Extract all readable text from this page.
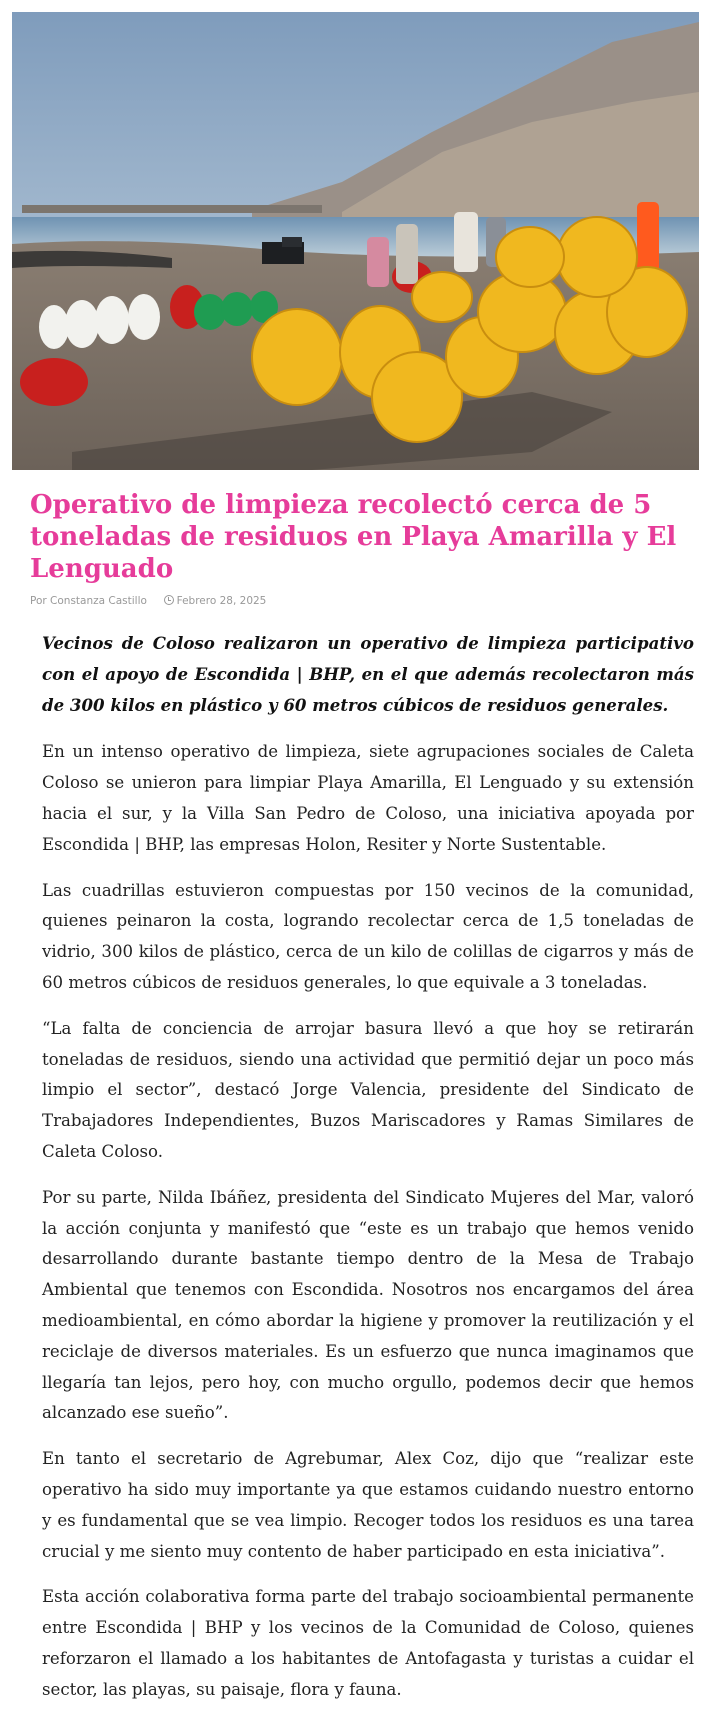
Operativo de limpieza recolectó cerca de 5 toneladas de residuos en Playa Amarilla y El Lenguado
Por Constanza Castillo	Febrero 28, 2025

Vecinos de Coloso realizaron un operativo de limpieza participativo con el apoyo de Escondida | BHP, en el que además recolectaron más de 300 kilos en plástico y 60 metros cúbicos de residuos generales.

En un intenso operativo de limpieza, siete agrupaciones sociales de Caleta Coloso se unieron para limpiar Playa Amarilla, El Lenguado y su extensión hacia el sur, y la Villa San Pedro de Coloso, una iniciativa apoyada por Escondida | BHP, las empresas Holon, Resiter y Norte Sustentable.

Las cuadrillas estuvieron compuestas por 150 vecinos de la comunidad, quienes peinaron la costa, logrando recolectar cerca de 1,5 toneladas de vidrio, 300 kilos de plástico, cerca de un kilo de colillas de cigarros y más de 60 metros cúbicos de residuos generales, lo que equivale a 3 toneladas.

“La falta de conciencia de arrojar basura llevó a que hoy se retirarán toneladas de residuos, siendo una actividad que permitió dejar un poco más limpio el sector”, destacó Jorge Valencia, presidente del Sindicato de Trabajadores Independientes, Buzos Mariscadores y Ramas Similares de Caleta Coloso.

Por su parte, Nilda Ibáñez, presidenta del Sindicato Mujeres del Mar, valoró la acción conjunta y manifestó que “este es un trabajo que hemos venido desarrollando durante bastante tiempo dentro de la Mesa de Trabajo Ambiental que tenemos con Escondida. Nosotros nos encargamos del área medioambiental, en cómo abordar la higiene y promover la reutilización y el reciclaje de diversos materiales. Es un esfuerzo que nunca imaginamos que llegaría tan lejos, pero hoy, con mucho orgullo, podemos decir que hemos alcanzado ese sueño”.

En tanto el secretario de Agrebumar, Alex Coz, dijo que “realizar este operativo ha sido muy importante ya que estamos cuidando nuestro entorno y es fundamental que se vea limpio. Recoger todos los residuos es una tarea crucial y me siento muy contento de haber participado en esta iniciativa”.

Esta acción colaborativa forma parte del trabajo socioambiental permanente entre Escondida | BHP y los vecinos de la Comunidad de Coloso, quienes reforzaron el llamado a los habitantes de Antofagasta y turistas a cuidar el sector, las playas, su paisaje, flora y fauna.
